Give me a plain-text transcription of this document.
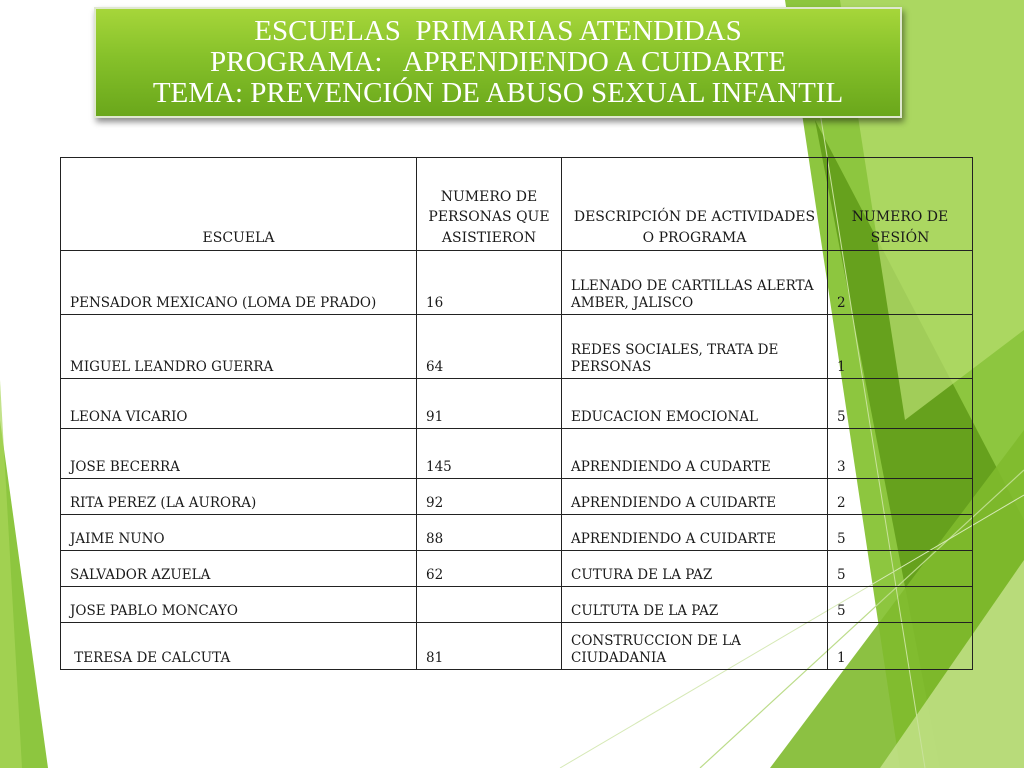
ESCUELAS  PRIMARIAS ATENDIDAS
PROGRAMA:   APRENDIENDO A CUIDARTE
TEMA: PREVENCIÓN DE ABUSO SEXUAL INFANTIL
ESCUELA	NUMERO DE PERSONAS QUE ASISTIERON	DESCRIPCIÓN DE ACTIVIDADES O PROGRAMA	NUMERO DE SESIÓN
PENSADOR MEXICANO (LOMA DE PRADO)	16	LLENADO DE CARTILLAS ALERTA AMBER, JALISCO	2
MIGUEL LEANDRO GUERRA	64	REDES SOCIALES, TRATA DE PERSONAS	1
LEONA VICARIO	91	EDUCACION EMOCIONAL	5
JOSE BECERRA	145	APRENDIENDO A CUDARTE	3
RITA PEREZ (LA AURORA)	92	APRENDIENDO A CUIDARTE	2
JAIME NUNO	88	APRENDIENDO A CUIDARTE	5
SALVADOR AZUELA	62	CUTURA DE LA PAZ	5
JOSE PABLO MONCAYO		CULTUTA DE LA PAZ	5
TERESA DE CALCUTA	81	CONSTRUCCION DE LA CIUDADANIA	1
